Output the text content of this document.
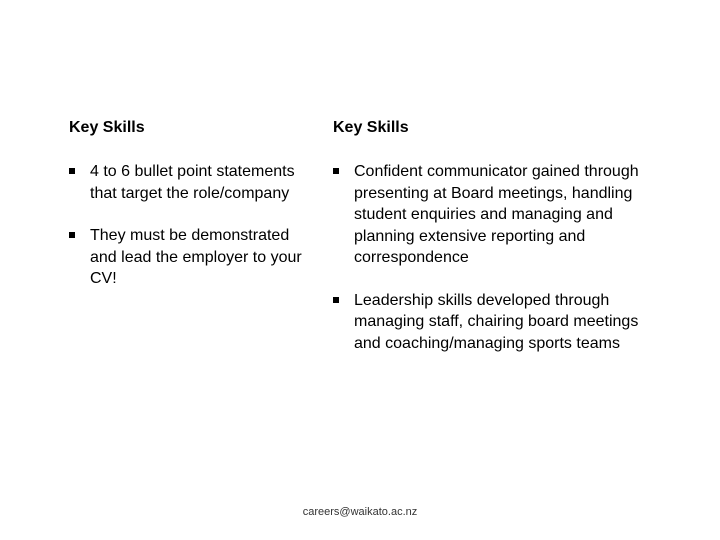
Key Skills
4 to 6 bullet point statements that target the role/company
They must be demonstrated and lead the employer to your CV!
Key Skills
Confident communicator gained through presenting at Board meetings, handling student enquiries and managing and planning extensive reporting and correspondence
Leadership skills developed through managing staff, chairing board meetings and coaching/managing sports teams
careers@waikato.ac.nz
